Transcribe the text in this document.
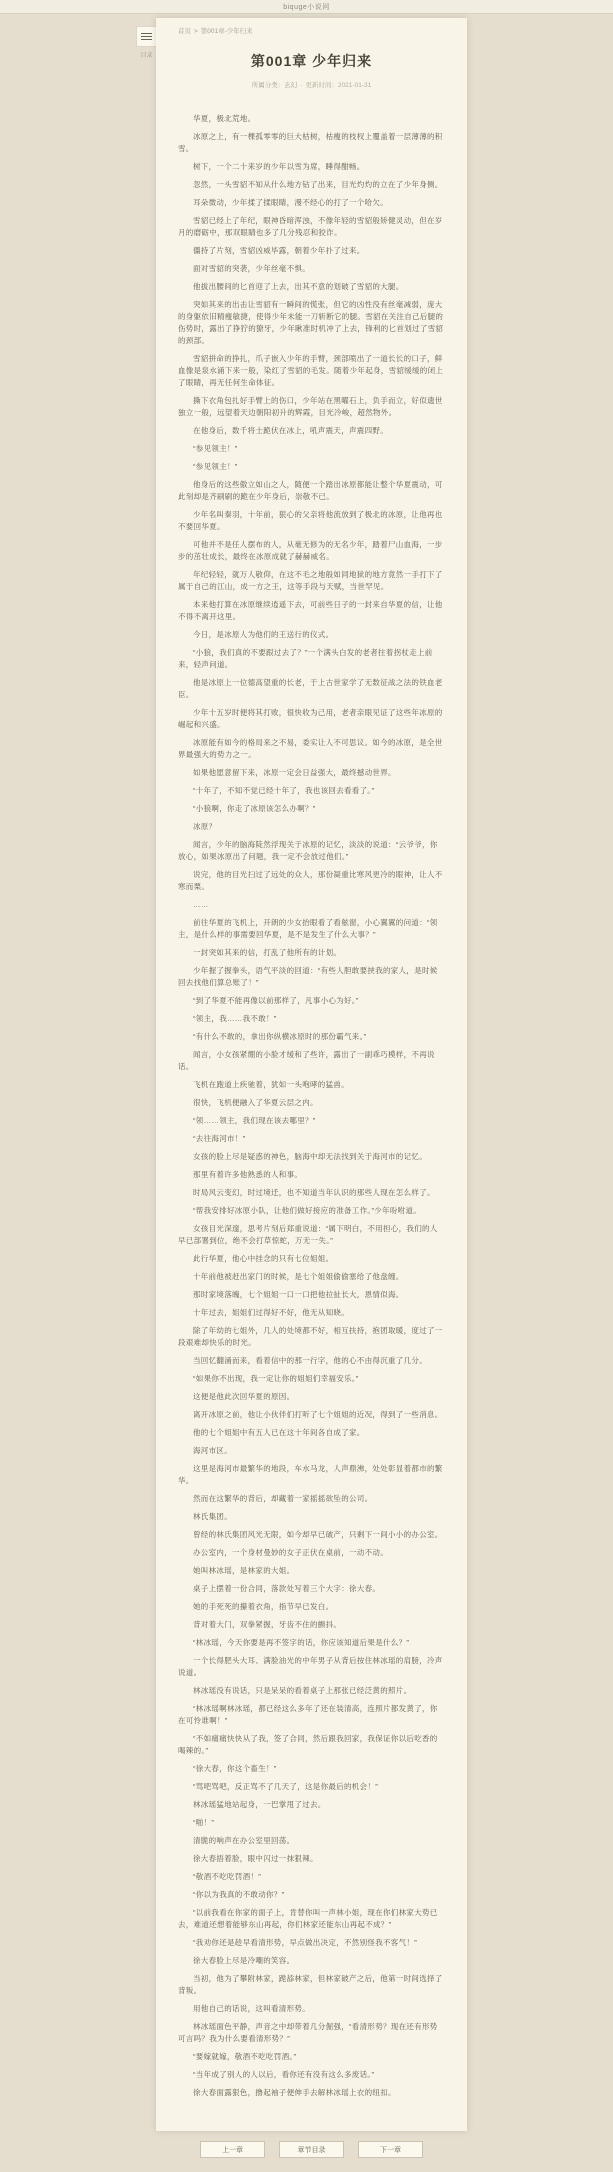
biquge小说网
目录
首页 > 第001章-少年归来
第001章 少年归来
所属分类：玄幻 · 更新时间：2021-01-31

华夏，极北荒地。

冰原之上，有一棵孤零零的巨大枯树，枯瘦的枝杈上覆盖着一层薄薄的积雪。

树下，一个二十来岁的少年以雪为席，睡得酣畅。

忽然，一头雪貂不知从什么地方钻了出来，目光灼灼的立在了少年身侧。

耳朵微动，少年揉了揉眼睛，漫不经心的打了一个哈欠。

雪貂已经上了年纪，眼神昏暗浑浊，不像年轻的雪貂般矫健灵动，但在岁月的磨砺中，那双眼睛也多了几分残忍和狡诈。

僵持了片刻，雪貂凶威毕露，朝着少年扑了过来。

面对雪貂的突袭，少年丝毫不惧。

他拔出腰间的匕首迎了上去，出其不意的划破了雪貂的大腿。

突如其来的出击让雪貂有一瞬间的慌张，但它的凶性没有丝毫减弱，庞大的身躯依旧精瘦敏捷，使得少年未能一刀斩断它的腿。雪貂在关注自己后腿的伤势时，露出了狰狞的獠牙，少年瞅准时机冲了上去，锋利的匕首划过了雪貂的颈部。

雪貂拼命的挣扎，爪子嵌入少年的手臂，颈部喷出了一道长长的口子，鲜血像是泉水涌下来一般，染红了雪貂的毛发。随着少年起身，雪貂缓缓的闭上了眼睛，再无任何生命体征。

撕下衣角包扎好手臂上的伤口，少年站在黑曜石上，负手而立，好似遗世独立一般，远望着天边朝阳初升的辉霞，目光冷峻，超然物外。

在他身后，数千将士跪伏在冰上，吼声震天，声震四野。

“参见领主！”

“参见领主！”

他身后的这些傲立如山之人，随便一个踏出冰原都能让整个华夏震动，可此刻却是齐刷刷的跪在少年身后，崇敬不已。

少年名叫秦羽，十年前，狠心的父亲将他流放到了极北的冰原，让他再也不要回华夏。

可他并不是任人摆布的人，从毫无修为的无名少年，踏着尸山血海，一步步的茁壮成长，最终在冰原成就了赫赫威名。

年纪轻轻，就万人敬仰，在这不毛之地般如同地狱的地方竟然一手打下了属于自己的江山，成一方之王，这等手段与天赋，当世罕见。

本来他打算在冰原继续逍遥下去，可前些日子的一封来自华夏的信，让他不得不离开这里。

今日，是冰原人为他们的王送行的仪式。

“小狼，我们真的不要跟过去了？”一个满头白发的老者拄着拐杖走上前来，轻声问道。

他是冰原上一位德高望重的长老，于上古世家学了无数征战之法的铁血老臣。

少年十五岁时便将其打败，很快收为己用，老者亲眼见证了这些年冰原的崛起和兴盛。

冰原能有如今的格局来之不易，委实让人不可思议。如今的冰原，是全世界最强大的势力之一。

如果他愿意留下来，冰原一定会日益强大，最终撼动世界。

“十年了，不知不觉已经十年了，我也该回去看看了。”

“小狼啊，你走了冰原该怎么办啊？”

冰原？

闻言，少年的脑海陡然浮现关于冰原的记忆，淡淡的说道：“云爷爷，你放心，如果冰原出了问题，我一定不会放过他们。”

说完，他的目光扫过了远处的众人，那份凝重比寒风更冷的眼神，让人不寒而栗。

……

前往华夏的飞机上，开朗的少女抬眼看了看舷窗，小心翼翼的问道：“领主，是什么样的事需要回华夏，是不是发生了什么大事？”

一封突如其来的信，打乱了他所有的计划。

少年握了握拳头，语气平淡的回道：“有些人胆敢要挟我的家人，是时候回去找他们算总账了！”

“到了华夏不能再像以前那样了，凡事小心为好。”

“领主，我……我不敢！”

“有什么不敢的，拿出你纵横冰原时的那份霸气来。”

闻言，小女孩紧绷的小脸才缓和了些许，露出了一副乖巧模样，不再说话。

飞机在跑道上疾驰着，犹如一头咆哮的猛兽。

很快，飞机便融入了华夏云层之内。

“领……领主，我们现在该去哪里？”

“去往海河市！”

女孩的脸上尽是疑惑的神色，脑海中却无法找到关于海河市的记忆。

那里有着许多他熟悉的人和事。

时局风云变幻，时过境迁，也不知道当年认识的那些人现在怎么样了。

“帮我安排好冰原小队，让他们做好接应的准备工作。”少年吩咐道。

女孩目光深邃，思考片刻后郑重说道：“属下明白，不用担心，我们的人早已部署到位，绝不会打草惊蛇，万无一失。”

此行华夏，他心中挂念的只有七位姐姐。

十年前他被赶出家门的时候，是七个姐姐偷偷塞给了他盘缠。

那时家境落魄，七个姐姐一口一口把他拉扯长大，恩情似海。

十年过去，姐姐们过得好不好，他无从知晓。

除了年幼的七姐外，几人的处境都不好，相互扶持，抱团取暖，度过了一段艰难却快乐的时光。

当回忆翻涌而来，看着信中的那一行字，他的心不由得沉重了几分。

“如果你不出现，我一定让你的姐姐们幸福安乐。”

这便是他此次回华夏的原因。

离开冰原之前，他让小伙伴们打听了七个姐姐的近况，得到了一些消息。

他的七个姐姐中有五人已在这十年间各自成了家。

海河市区。

这里是海河市最繁华的地段，车水马龙，人声鼎沸，处处彰显着都市的繁华。

然而在这繁华的背后，却藏着一家摇摇欲坠的公司。

林氏集团。

曾经的林氏集团风光无限，如今却早已破产，只剩下一间小小的办公室。

办公室内，一个身材曼妙的女子正伏在桌前，一动不动。

她叫林冰瑶，是林家的大姐。

桌子上摆着一份合同，落款处写着三个大字：徐大春。

她的手死死的攥着衣角，指节早已发白。

背对着大门，双拳紧握，牙齿不住的颤抖。

“林冰瑶，今天你要是再不签字的话，你应该知道后果是什么？”

一个长得肥头大耳、满脸油光的中年男子从背后按住林冰瑶的肩膀，冷声说道。

林冰瑶没有说话，只是呆呆的看着桌子上那张已经泛黄的照片。

“林冰瑶啊林冰瑶，都已经这么多年了还在装清高，连照片都发黄了，你在可怜谁啊！”

“不如痛痛快快从了我，签了合同，然后跟我回家，我保证你以后吃香的喝辣的。”

“徐大春，你这个畜生！”

“骂吧骂吧，反正骂不了几天了，这是你最后的机会！”

林冰瑶猛地站起身，一巴掌甩了过去。

“啪！”

清脆的响声在办公室里回荡。

徐大春捂着脸，眼中闪过一抹狠辣。

“敬酒不吃吃罚酒！”

“你以为我真的不敢动你？”

“以前我看在你家的面子上，肯替你叫一声林小姐，现在你们林家大势已去，难道还想着能够东山再起，你们林家还能东山再起不成？”

“我劝你还是趁早看清形势，早点做出决定，不然别怪我不客气！”

徐大春脸上尽是冷嘲的笑容。

当初，他为了攀附林家，跪舔林家，但林家破产之后，他第一时间选择了背叛。

用他自己的话说，这叫看清形势。

林冰瑶面色平静，声音之中却带着几分倔强，“看清形势？现在还有形势可言吗？我为什么要看清形势？”

“要嫁就嫁，敬酒不吃吃罚酒。”

“当年成了别人的人以后，看你还有没有这么多废话。”

徐大春面露狠色，撸起袖子便伸手去解林冰瑶上衣的纽扣。

上一章	章节目录	下一章
